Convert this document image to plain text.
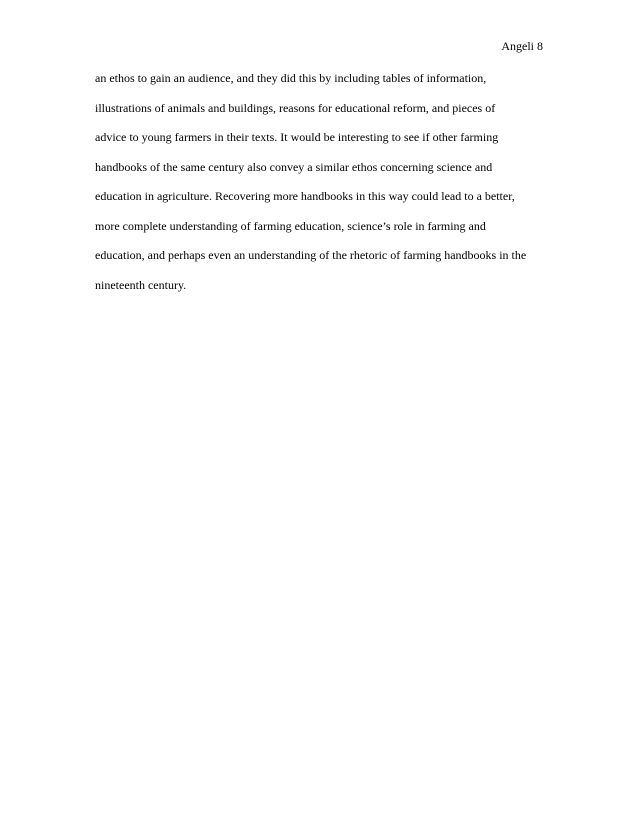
Angeli 8
an ethos to gain an audience, and they did this by including tables of information,
illustrations of animals and buildings, reasons for educational reform, and pieces of
advice to young farmers in their texts. It would be interesting to see if other farming
handbooks of the same century also convey a similar ethos concerning science and
education in agriculture. Recovering more handbooks in this way could lead to a better,
more complete understanding of farming education, science’s role in farming and
education, and perhaps even an understanding of the rhetoric of farming handbooks in the
nineteenth century.
